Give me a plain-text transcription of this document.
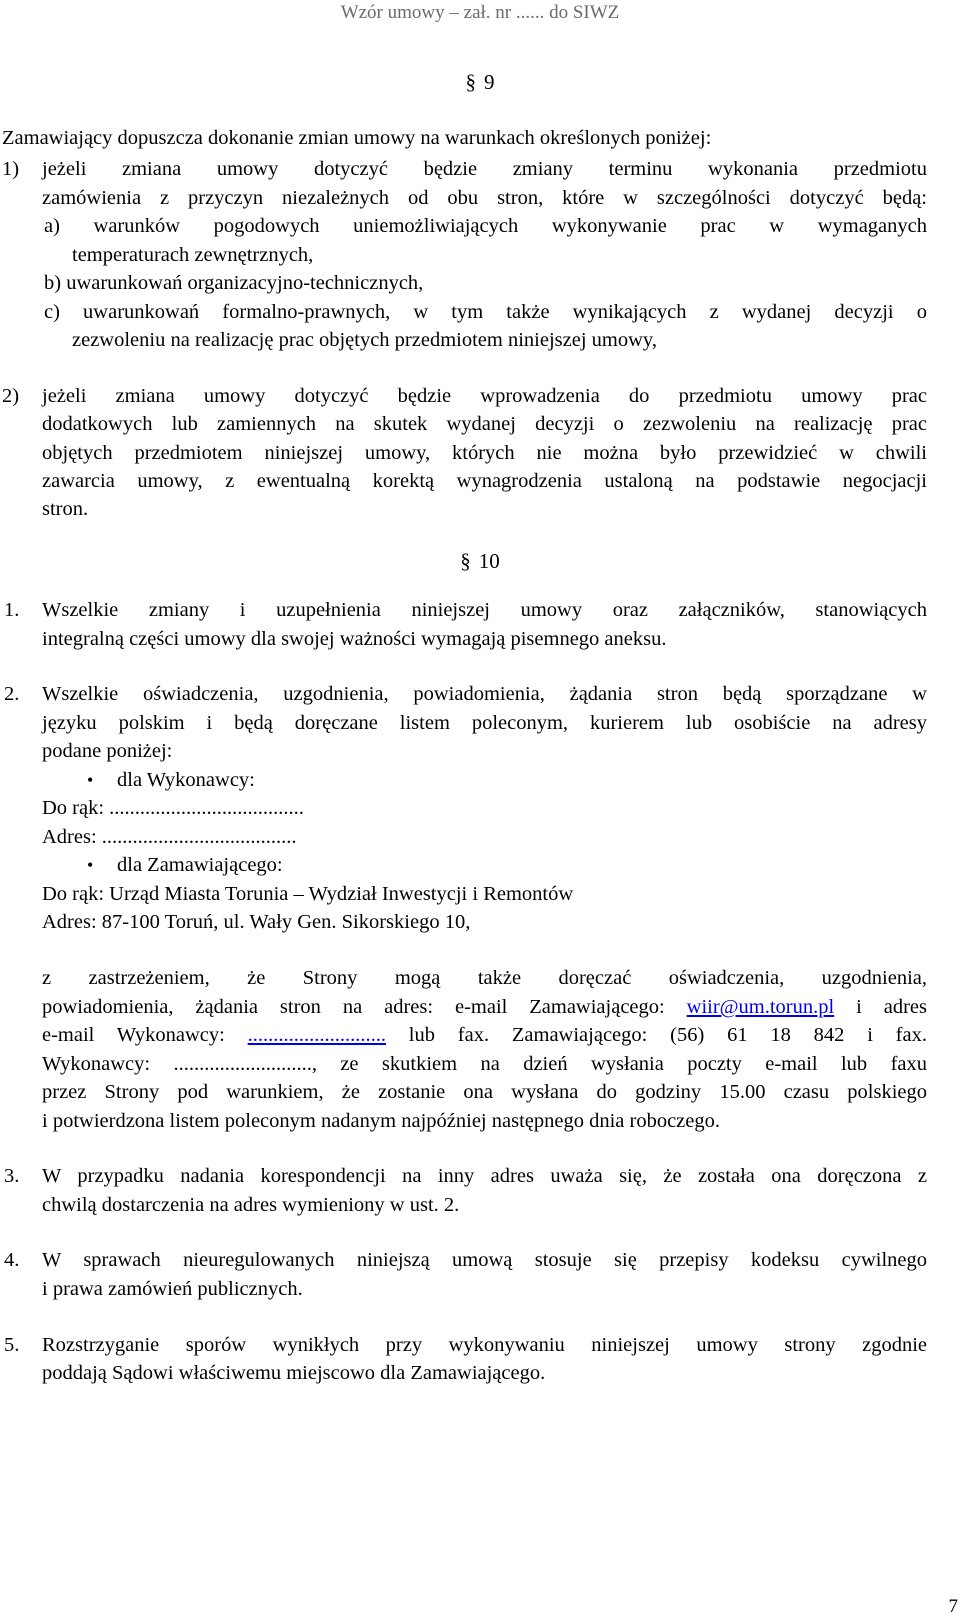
Wzór umowy – zał. nr ...... do SIWZ
§ 9
Zamawiający dopuszcza dokonanie zmian umowy na warunkach określonych poniżej:
1) jeżeli zmiana umowy dotyczyć będzie zmiany terminu wykonania przedmiotu
zamówienia z przyczyn niezależnych od obu stron, które w szczególności dotyczyć będą:
a) warunków pogodowych uniemożliwiających wykonywanie prac w wymaganych
temperaturach zewnętrznych,
b) uwarunkowań organizacyjno-technicznych,
c) uwarunkowań formalno-prawnych, w tym także wynikających z wydanej decyzji o
zezwoleniu na realizację prac objętych przedmiotem niniejszej umowy,
2) jeżeli zmiana umowy dotyczyć będzie wprowadzenia do przedmiotu umowy prac
dodatkowych lub zamiennych na skutek wydanej decyzji o zezwoleniu na realizację prac
objętych przedmiotem niniejszej umowy, których nie można było przewidzieć w chwili
zawarcia umowy, z ewentualną korektą wynagrodzenia ustaloną na podstawie negocjacji
stron.
§ 10
1. Wszelkie zmiany i uzupełnienia niniejszej umowy oraz załączników, stanowiących
integralną części umowy dla swojej ważności wymagają pisemnego aneksu.
2. Wszelkie oświadczenia, uzgodnienia, powiadomienia, żądania stron będą sporządzane w
języku polskim i będą doręczane listem poleconym, kurierem lub osobiście na adresy
podane poniżej:
• dla Wykonawcy:
Do rąk: ......................................
Adres: ......................................
• dla Zamawiającego:
Do rąk: Urząd Miasta Torunia – Wydział Inwestycji i Remontów
Adres: 87-100 Toruń, ul. Wały Gen. Sikorskiego 10,
z zastrzeżeniem, że Strony mogą także doręczać oświadczenia, uzgodnienia,
powiadomienia, żądania stron na adres: e-mail Zamawiającego: wiir@um.torun.pl i adres
e-mail Wykonawcy: ........................... lub fax. Zamawiającego: (56) 61 18 842 i fax.
Wykonawcy: ..........................., ze skutkiem na dzień wysłania poczty e-mail lub faxu
przez Strony pod warunkiem, że zostanie ona wysłana do godziny 15.00 czasu polskiego
i potwierdzona listem poleconym nadanym najpóźniej następnego dnia roboczego.
3. W przypadku nadania korespondencji na inny adres uważa się, że została ona doręczona z
chwilą dostarczenia na adres wymieniony w ust. 2.
4. W sprawach nieuregulowanych niniejszą umową stosuje się przepisy kodeksu cywilnego
i prawa zamówień publicznych.
5. Rozstrzyganie sporów wynikłych przy wykonywaniu niniejszej umowy strony zgodnie
poddają Sądowi właściwemu miejscowo dla Zamawiającego.
7
